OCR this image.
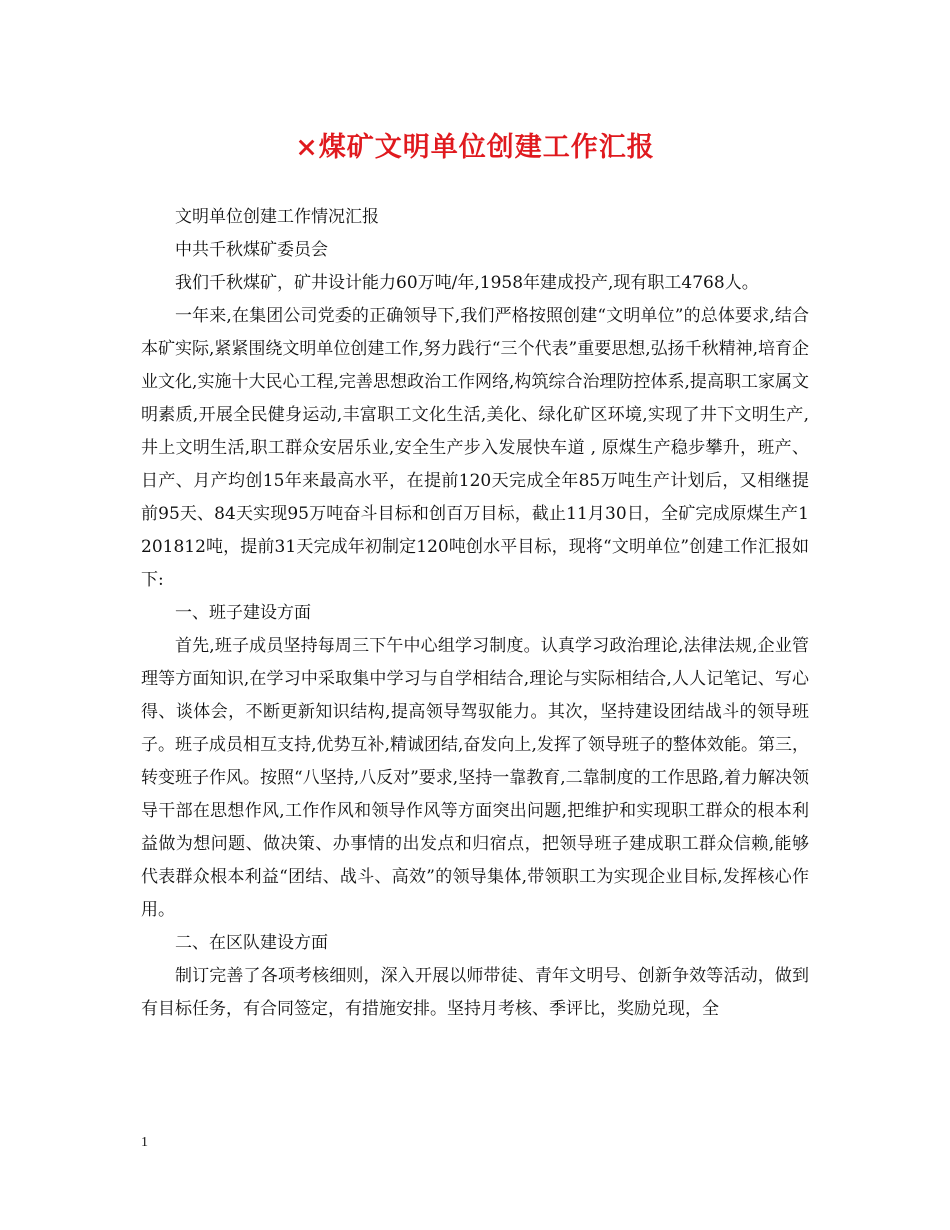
×煤矿文明单位创建工作汇报

文明单位创建工作情况汇报

中共千秋煤矿委员会

我们千秋煤矿，矿井设计能力60万吨/年,1958年建成投产,现有职工4768人。

一年来,在集团公司党委的正确领导下,我们严格按照创建“文明单位”的总体要求,结合本矿实际,紧紧围绕文明单位创建工作,努力践行“三个代表”重要思想,弘扬千秋精神,培育企业文化,实施十大民心工程,完善思想政治工作网络,构筑综合治理防控体系,提高职工家属文明素质,开展全民健身运动,丰富职工文化生活,美化、绿化矿区环境,实现了井下文明生产,井上文明生活,职工群众安居乐业,安全生产步入发展快车道 , 原煤生产稳步攀升，班产、日产、月产均创15年来最高水平，在提前120天完成全年85万吨生产计划后，又相继提前95天、84天实现95万吨奋斗目标和创百万目标，截止11月30日，全矿完成原煤生产1201812吨，提前31天完成年初制定120吨创水平目标，现将“文明单位”创建工作汇报如下:

一、班子建设方面

首先,班子成员坚持每周三下午中心组学习制度。认真学习政治理论,法律法规,企业管理等方面知识,在学习中采取集中学习与自学相结合,理论与实际相结合,人人记笔记、写心得、谈体会，不断更新知识结构,提高领导驾驭能力。其次，坚持建设团结战斗的领导班子。班子成员相互支持,优势互补,精诚团结,奋发向上,发挥了领导班子的整体效能。第三，转变班子作风。按照“八坚持,八反对”要求,坚持一靠教育,二靠制度的工作思路,着力解决领导干部在思想作风,工作作风和领导作风等方面突出问题,把维护和实现职工群众的根本利益做为想问题、做决策、办事情的出发点和归宿点，把领导班子建成职工群众信赖,能够代表群众根本利益“团结、战斗、高效”的领导集体,带领职工为实现企业目标,发挥核心作用。

二、在区队建设方面

制订完善了各项考核细则，深入开展以师带徒、青年文明号、创新争效等活动，做到有目标任务，有合同签定，有措施安排。坚持月考核、季评比，奖励兑现，全

1
